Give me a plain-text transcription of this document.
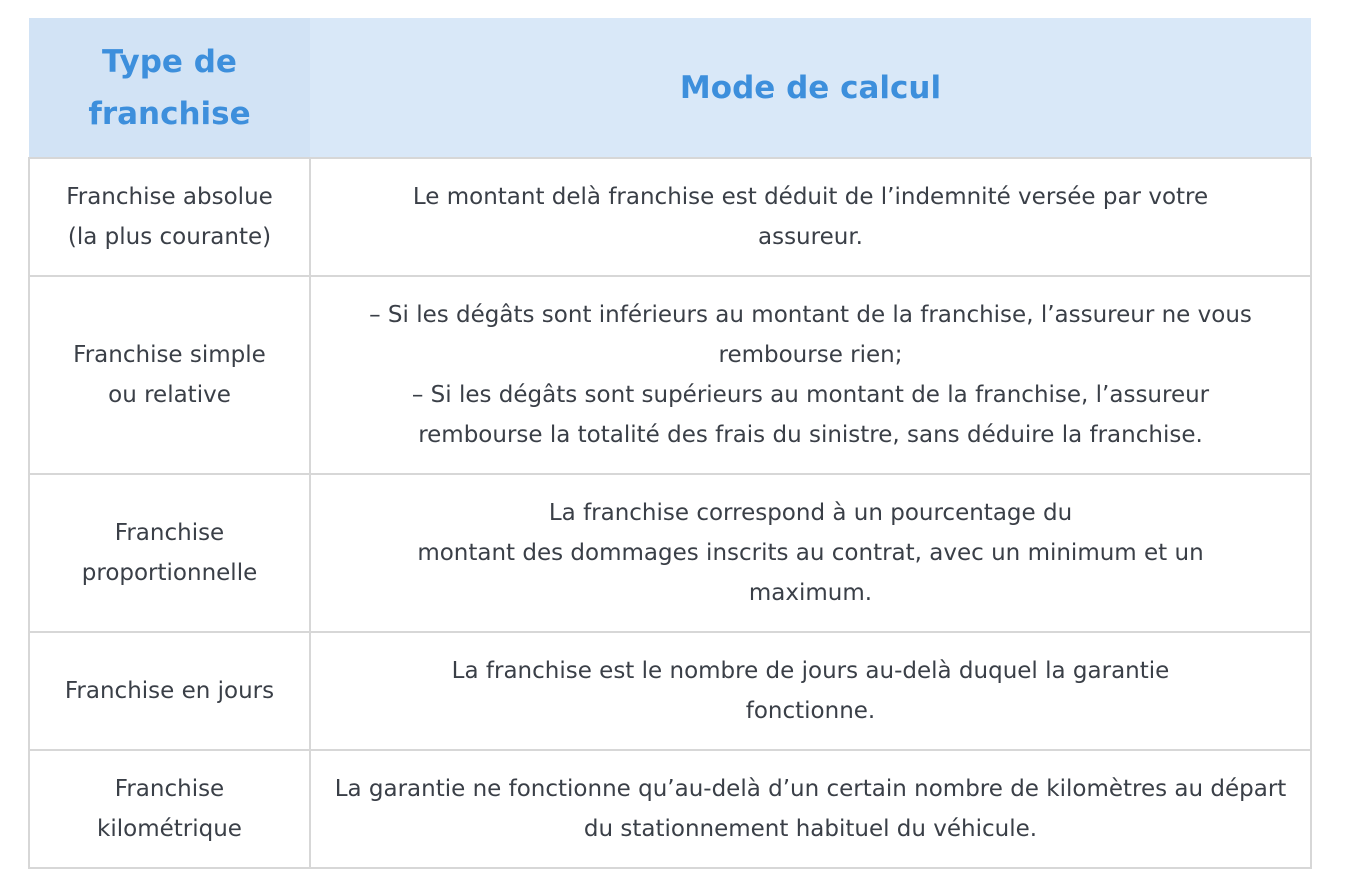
Type de franchise	Mode de calcul
Franchise absolue (la plus courante)	Le montant delà franchise est déduit de l’indemnité versée par votre assureur.

Franchise simple ou relative	– Si les dégâts sont inférieurs au montant de la franchise, l’assureur ne vous rembourse rien;
– Si les dégâts sont supérieurs au montant de la franchise, l’assureur rembourse la totalité des frais du sinistre, sans déduire la franchise.

Franchise proportionnelle	La franchise correspond à un pourcentage du
montant des dommages inscrits au contrat, avec un minimum et un maximum.

Franchise en jours	La franchise est le nombre de jours au-delà duquel la garantie fonctionne.

Franchise kilométrique	La garantie ne fonctionne qu’au-delà d’un certain nombre de kilomètres au départ du stationnement habituel du véhicule.
